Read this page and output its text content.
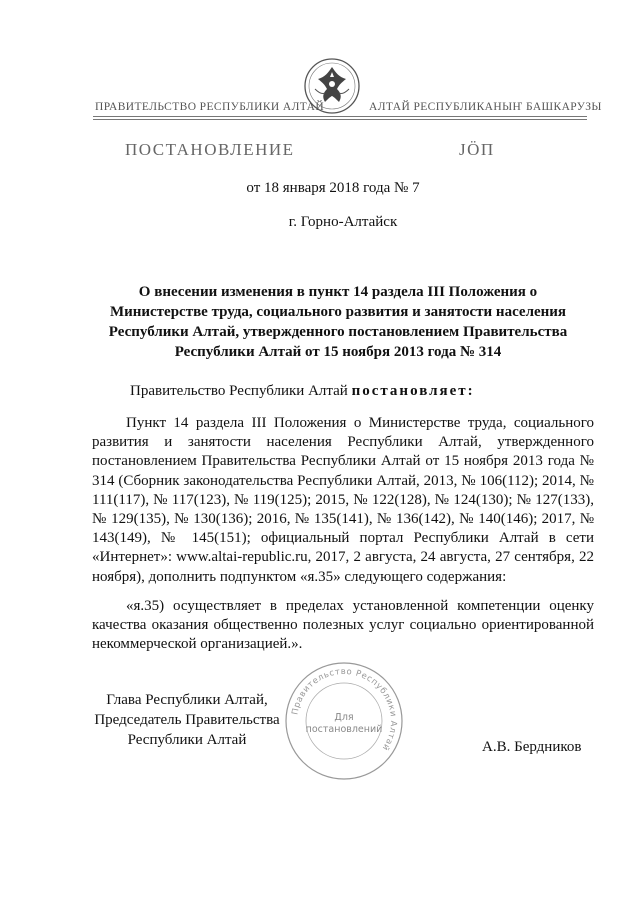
ПРАВИТЕЛЬСТВО РЕСПУБЛИКИ АЛТАЙ	АЛТАЙ РЕСПУБЛИКАНЫҤ БАШКАРУЗЫ
ПОСТАНОВЛЕНИЕ	ЈÖП
от 18 января 2018 года № 7
г. Горно-Алтайск
О внесении изменения в пункт 14 раздела III Положения о Министерстве труда, социального развития и занятости населения Республики Алтай, утвержденного постановлением Правительства Республики Алтай от 15 ноября 2013 года № 314
Правительство Республики Алтай постановляет:

Пункт 14 раздела III Положения о Министерстве труда, социального развития и занятости населения Республики Алтай, утвержденного постановлением Правительства Республики Алтай от 15 ноября 2013 года № 314 (Сборник законодательства Республики Алтай, 2013, № 106(112); 2014, № 111(117), № 117(123), № 119(125); 2015, № 122(128), № 124(130); № 127(133), № 129(135), № 130(136); 2016, № 135(141), № 136(142), № 140(146); 2017, № 143(149), № 145(151); официальный портал Республики Алтай в сети «Интернет»: www.altai-republic.ru, 2017, 2 августа, 24 августа, 27 сентября, 22 ноября), дополнить подпунктом «я.35» следующего содержания:

«я.35) осуществляет в пределах установленной компетенции оценку качества оказания общественно полезных услуг социально ориентированной некоммерческой организацией.».

Глава Республики Алтай,
Председатель Правительства
Республики Алтай	А.В. Бердников
Правительство Республики Алтай
Для
постановлений
